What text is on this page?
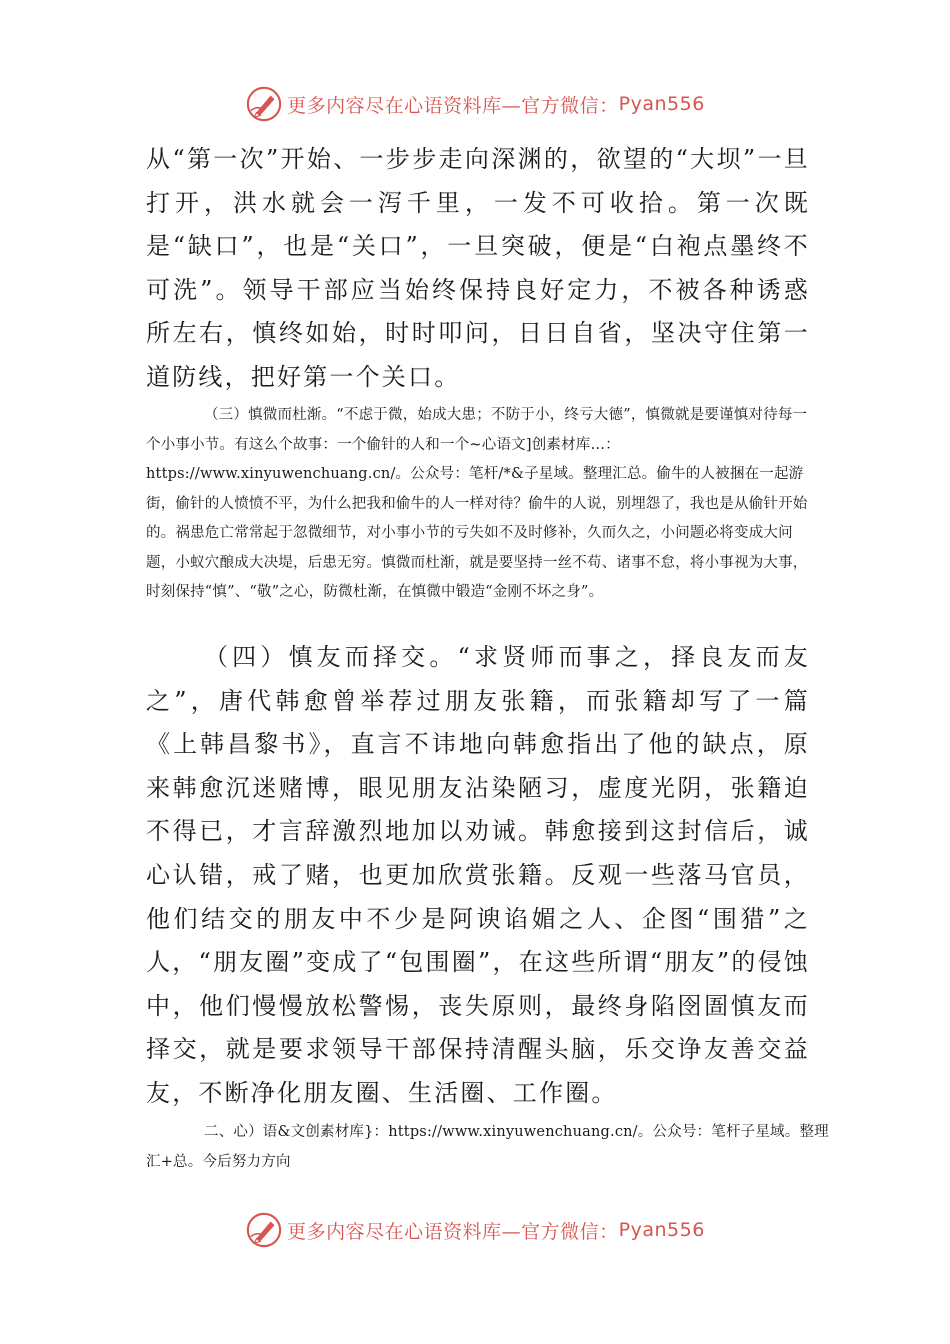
更多内容尽在心语资料库—官方微信： Pyan556

从“第一次”开始、一步步走向深渊的，欲望的“大坝”一旦打开，洪水就会一泻千里，一发不可收拾。第一次既是“缺口”，也是“关口”，一旦突破，便是“白袍点墨终不可洗”。领导干部应当始终保持良好定力，不被各种诱惑所左右，慎终如始，时时叩问，日日自省，坚决守住第一道防线，把好第一个关口。

（三）慎微而杜渐。“不虑于微，始成大患；不防于小，终亏大德”，慎微就是要谨慎对待每一个小事小节。有这么个故事：一个偷针的人和一个~心语文]创素材库…：https://www.xinyuwenchuang.cn/。公众号：笔杆/*&子星域。整理汇总。偷牛的人被捆在一起游街，偷针的人愤愤不平，为什么把我和偷牛的人一样对待？偷牛的人说，别埋怨了，我也是从偷针开始的。祸患危亡常常起于忽微细节，对小事小节的亏失如不及时修补，久而久之，小问题必将变成大问题，小蚁穴酿成大决堤，后患无穷。慎微而杜渐，就是要坚持一丝不苟、诸事不怠，将小事视为大事，时刻保持“慎”、“敬”之心，防微杜渐，在慎微中锻造“金刚不坏之身”。

（四）慎友而择交。“求贤师而事之，择良友而友之”，唐代韩愈曾举荐过朋友张籍，而张籍却写了一篇《上韩昌黎书》，直言不讳地向韩愈指出了他的缺点，原来韩愈沉迷赌博，眼见朋友沾染陋习，虚度光阴，张籍迫不得已，才言辞激烈地加以劝诫。韩愈接到这封信后，诚心认错，戒了赌，也更加欣赏张籍。反观一些落马官员，他们结交的朋友中不少是阿谀谄媚之人、企图“围猎”之人，“朋友圈”变成了“包围圈”，在这些所谓“朋友”的侵蚀中，他们慢慢放松警惕，丧失原则，最终身陷囹圄慎友而择交，就是要求领导干部保持清醒头脑，乐交诤友善交益友，不断净化朋友圈、生活圈、工作圈。

二、心）语&文创素材库}：https://www.xinyuwenchuang.cn/。公众号：笔杆子星域。整理汇+总。今后努力方向

更多内容尽在心语资料库—官方微信： Pyan556
